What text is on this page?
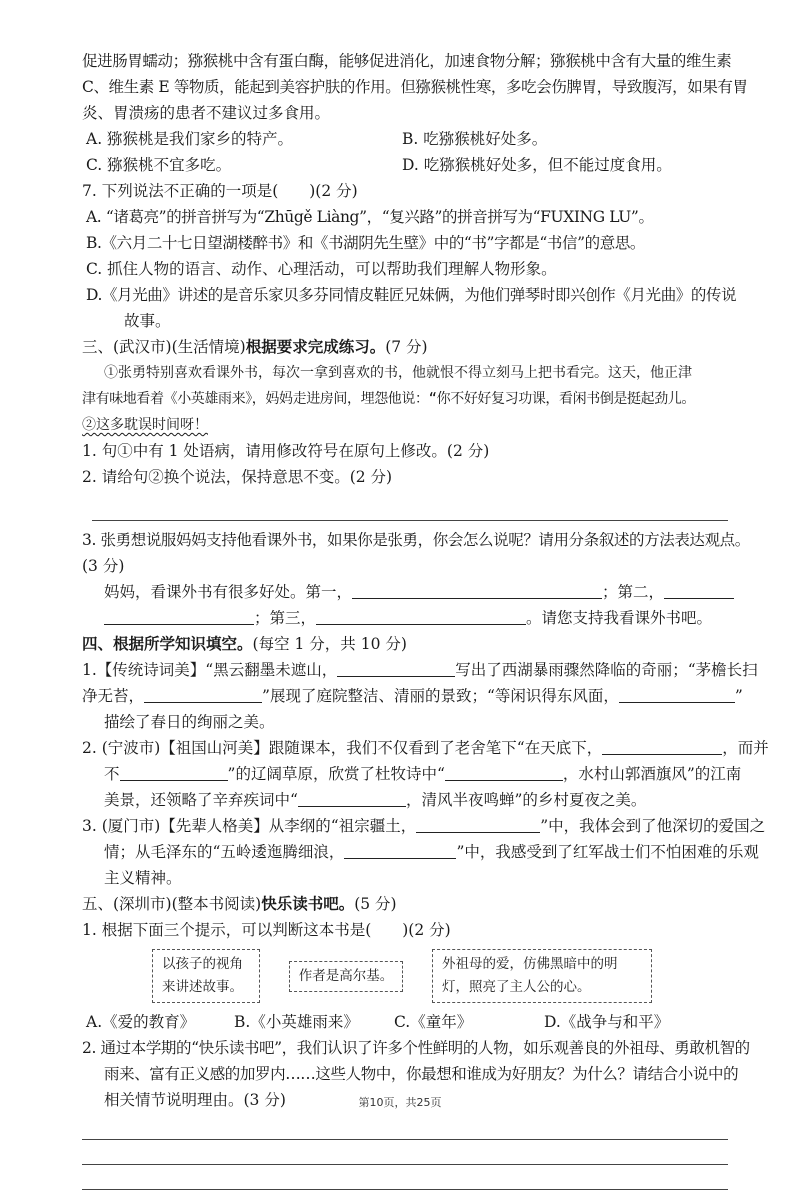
促进肠胃蠕动；猕猴桃中含有蛋白酶，能够促进消化，加速食物分解；猕猴桃中含有大量的维生素
C、维生素 E 等物质，能起到美容护肤的作用。但猕猴桃性寒，多吃会伤脾胃，导致腹泻，如果有胃
炎、胃溃疡的患者不建议过多食用。
A. 猕猴桃是我们家乡的特产。	B. 吃猕猴桃好处多。
C. 猕猴桃不宜多吃。	D. 吃猕猴桃好处多，但不能过度食用。
7. 下列说法不正确的一项是(　　)(2 分)
A. “诸葛亮”的拼音拼写为“Zhūgě Liàng”，“复兴路”的拼音拼写为“FUXING LU”。
B.《六月二十七日望湖楼醉书》和《书湖阴先生壁》中的“书”字都是“书信”的意思。
C. 抓住人物的语言、动作、心理活动，可以帮助我们理解人物形象。
D.《月光曲》讲述的是音乐家贝多芬同情皮鞋匠兄妹俩，为他们弹琴时即兴创作《月光曲》的传说
故事。
三、(武汉市)(生活情境)根据要求完成练习。(7 分)
①张勇特别喜欢看课外书，每次一拿到喜欢的书，他就恨不得立刻马上把书看完。这天，他正津
津有味地看着《小英雄雨来》，妈妈走进房间，埋怨他说：“你不好好复习功课，看闲书倒是挺起劲儿。
②这多耽误时间呀！
1. 句①中有 1 处语病，请用修改符号在原句上修改。(2 分)
2. 请给句②换个说法，保持意思不变。(2 分)
3. 张勇想说服妈妈支持他看课外书，如果你是张勇，你会怎么说呢？请用分条叙述的方法表达观点。
(3 分)
妈妈，看课外书有很多好处。第一，	；第二，
；第三，	。请您支持我看课外书吧。
四、根据所学知识填空。(每空 1 分，共 10 分)
1.【传统诗词美】“黑云翻墨未遮山，	写出了西湖暴雨骤然降临的奇丽；“茅檐长扫
净无苔，	”展现了庭院整洁、清丽的景致；“等闲识得东风面，	”
描绘了春日的绚丽之美。
2. (宁波市)【祖国山河美】跟随课本，我们不仅看到了老舍笔下“在天底下，	，而并
不	”的辽阔草原，欣赏了杜牧诗中“	，水村山郭酒旗风”的江南
美景，还领略了辛弃疾词中“	，清风半夜鸣蝉”的乡村夏夜之美。
3. (厦门市)【先辈人格美】从李纲的“祖宗疆土，	”中，我体会到了他深切的爱国之
情；从毛泽东的“五岭逶迤腾细浪，	”中，我感受到了红军战士们不怕困难的乐观
主义精神。
五、(深圳市)(整本书阅读)快乐读书吧。(5 分)
1. 根据下面三个提示，可以判断这本书是(　　)(2 分)
以孩子的视角来讲述故事。
作者是高尔基。
外祖母的爱，仿佛黑暗中的明灯，照亮了主人公的心。
A.《爱的教育》	B.《小英雄雨来》	C.《童年》	D.《战争与和平》
2. 通过本学期的“快乐读书吧”，我们认识了许多个性鲜明的人物，如乐观善良的外祖母、勇敢机智的
雨来、富有正义感的加罗内……这些人物中，你最想和谁成为好朋友？为什么？请结合小说中的
相关情节说明理由。(3 分)	第10页，共25页
